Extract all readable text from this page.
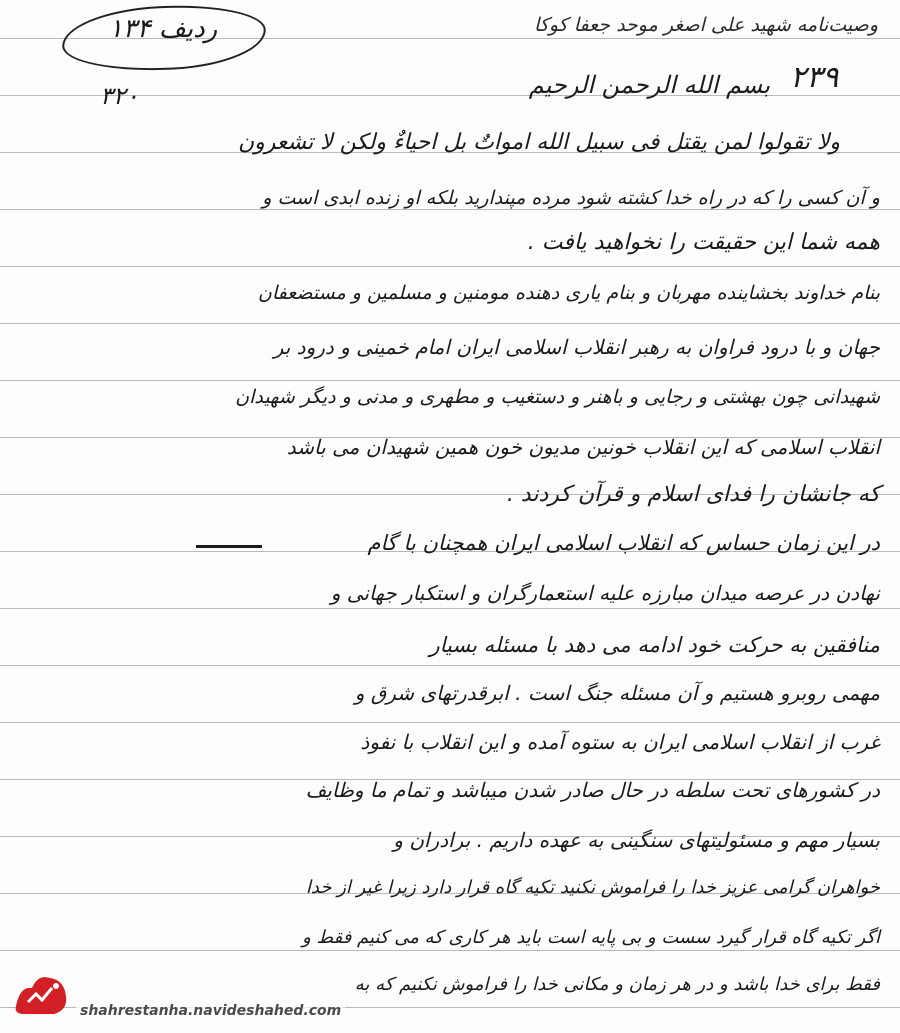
ردیف ۱۳۴	وصیت‌نامه شهید علی اصغر موحد جعفا کوکا
۲۳۹
۳۲۰	بسم الله الرحمن الرحیم
ولا تقولوا لمن یقتل فی سبیل الله امواتٌ بل احیاءٌ ولکن لا تشعرون
و آن کسی را که در راه خدا کشته شود مرده مپندارید بلکه او زنده ابدی است و
همه شما این حقیقت را نخواهید یافت .
بنام خداوند بخشاینده مهربان و بنام یاری دهنده مومنین و مسلمین و مستضعفان
جهان و با درود فراوان به رهبر انقلاب اسلامی ایران امام خمینی و درود بر
شهیدانی چون بهشتی و رجایی و باهنر و دستغیب و مطهری و مدنی و دیگر شهیدان
انقلاب اسلامی که این انقلاب خونین مدیون خون همین شهیدان می باشد
که جانشان را فدای اسلام و قرآن کردند .
در این زمان حساس که انقلاب اسلامی ایران همچنان با گام
نهادن در عرصه میدان مبارزه علیه استعمارگران و استکبار جهانی و
منافقین به حرکت خود ادامه می دهد با مسئله بسیار
مهمی روبرو هستیم و آن مسئله جنگ است . ابرقدرتهای شرق و
غرب از انقلاب اسلامی ایران به ستوه آمده و این انقلاب با نفوذ
در کشورهای تحت سلطه در حال صادر شدن میباشد و تمام ما وظایف
بسیار مهم و مسئولیتهای سنگینی به عهده داریم . برادران و
خواهران گرامی عزیز خدا را فراموش نکنید تکیه گاه قرار دارد زیرا غیر از خدا
اگر تکیه گاه قرار گیرد سست و بی پایه است باید هر کاری که می کنیم فقط و
فقط برای خدا باشد و در هر زمان و مکانی خدا را فراموش نکنیم که به
shahrestanha.navideshahed.com
